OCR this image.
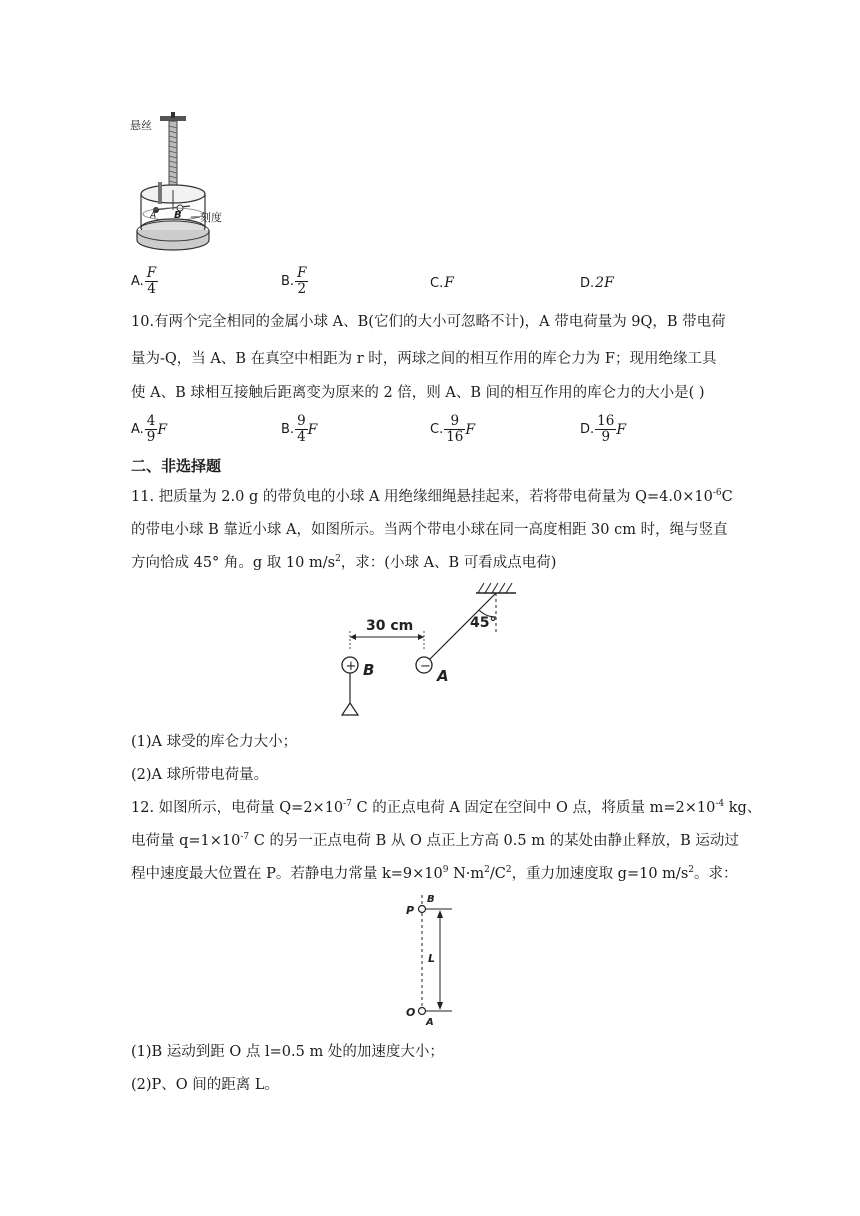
A B
悬丝
刻度
A. $\frac{F}{4}$	B. $\frac{F}{2}$	C. F	D. 2F
10.有两个完全相同的金属小球 A、B(它们的大小可忽略不计)，A 带电荷量为 9Q，B 带电荷
量为-Q，当 A、B 在真空中相距为 r 时，两球之间的相互作用的库仑力为 F；现用绝缘工具
使 A、B 球相互接触后距离变为原来的 2 倍，则 A、B 间的相互作用的库仑力的大小是( )
A. $\frac{4}{9}$ F	B. $\frac{9}{4}$ F	C. $\frac{9}{16}$ F	D. $\frac{16}{9}$ F
二、非选择题
11. 把质量为 2.0 g 的带负电的小球 A 用绝缘细绳悬挂起来，若将带电荷量为 $Q=4.0\times 10^{-6}C$
的带电小球 B 靠近小球 A，如图所示。当两个带电小球在同一高度相距 30 cm 时，绳与竖直
方向恰成 45° 角。g 取 10 $m/s^2$，求：(小球 A、B 可看成点电荷)
−
A
+ B
30 cm	45°
(1)A 球受的库仑力大小；
(2)A 球所带电荷量。
12. 如图所示，电荷量 $Q=2\times 10^{-7}$ C 的正点电荷 A 固定在空间中 O 点，将质量 $m=2\times 10^{-4}$ kg、
电荷量 $q=1\times 10^{-7}$ C 的另一正点电荷 B 从 O 点正上方高 0.5 m 的某处由静止释放，B 运动过
程中速度最大位置在 P。若静电力常量 $k=9\times 10^9$ $N\cdot m^2/C^2$，重力加速度取 g=10 $m/s^2$。求：
P
B
L
O
A
(1)B 运动到距 O 点 l=0.5 m 处的加速度大小；
(2)P、O 间的距离 L。
